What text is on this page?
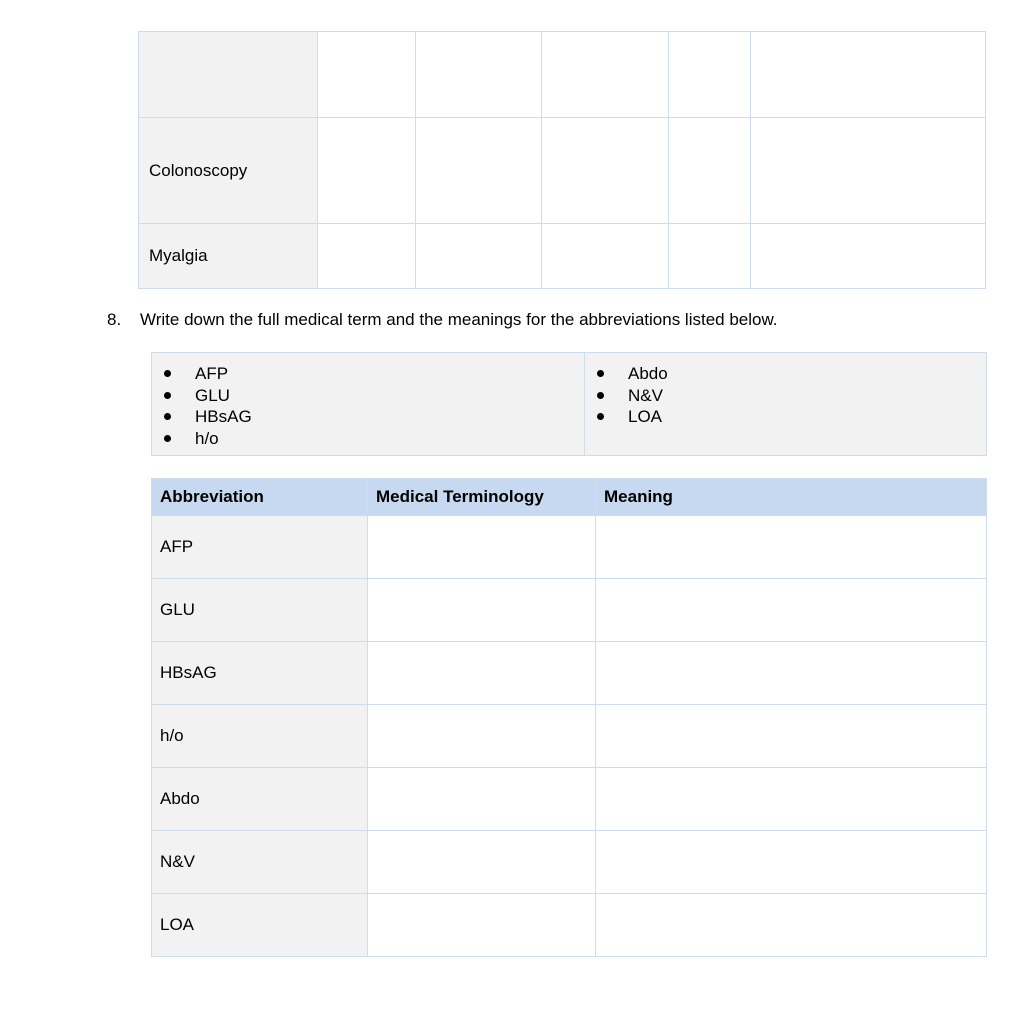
Colonoscopy					
Myalgia					
8. Write down the full medical term and the meanings for the abbreviations listed below.
AFP
GLU
HBsAG
h/o

Abdo
N&V
LOA
Abbreviation	Medical Terminology	Meaning
AFP		
GLU		
HBsAG		
h/o		
Abdo		
N&V		
LOA		
